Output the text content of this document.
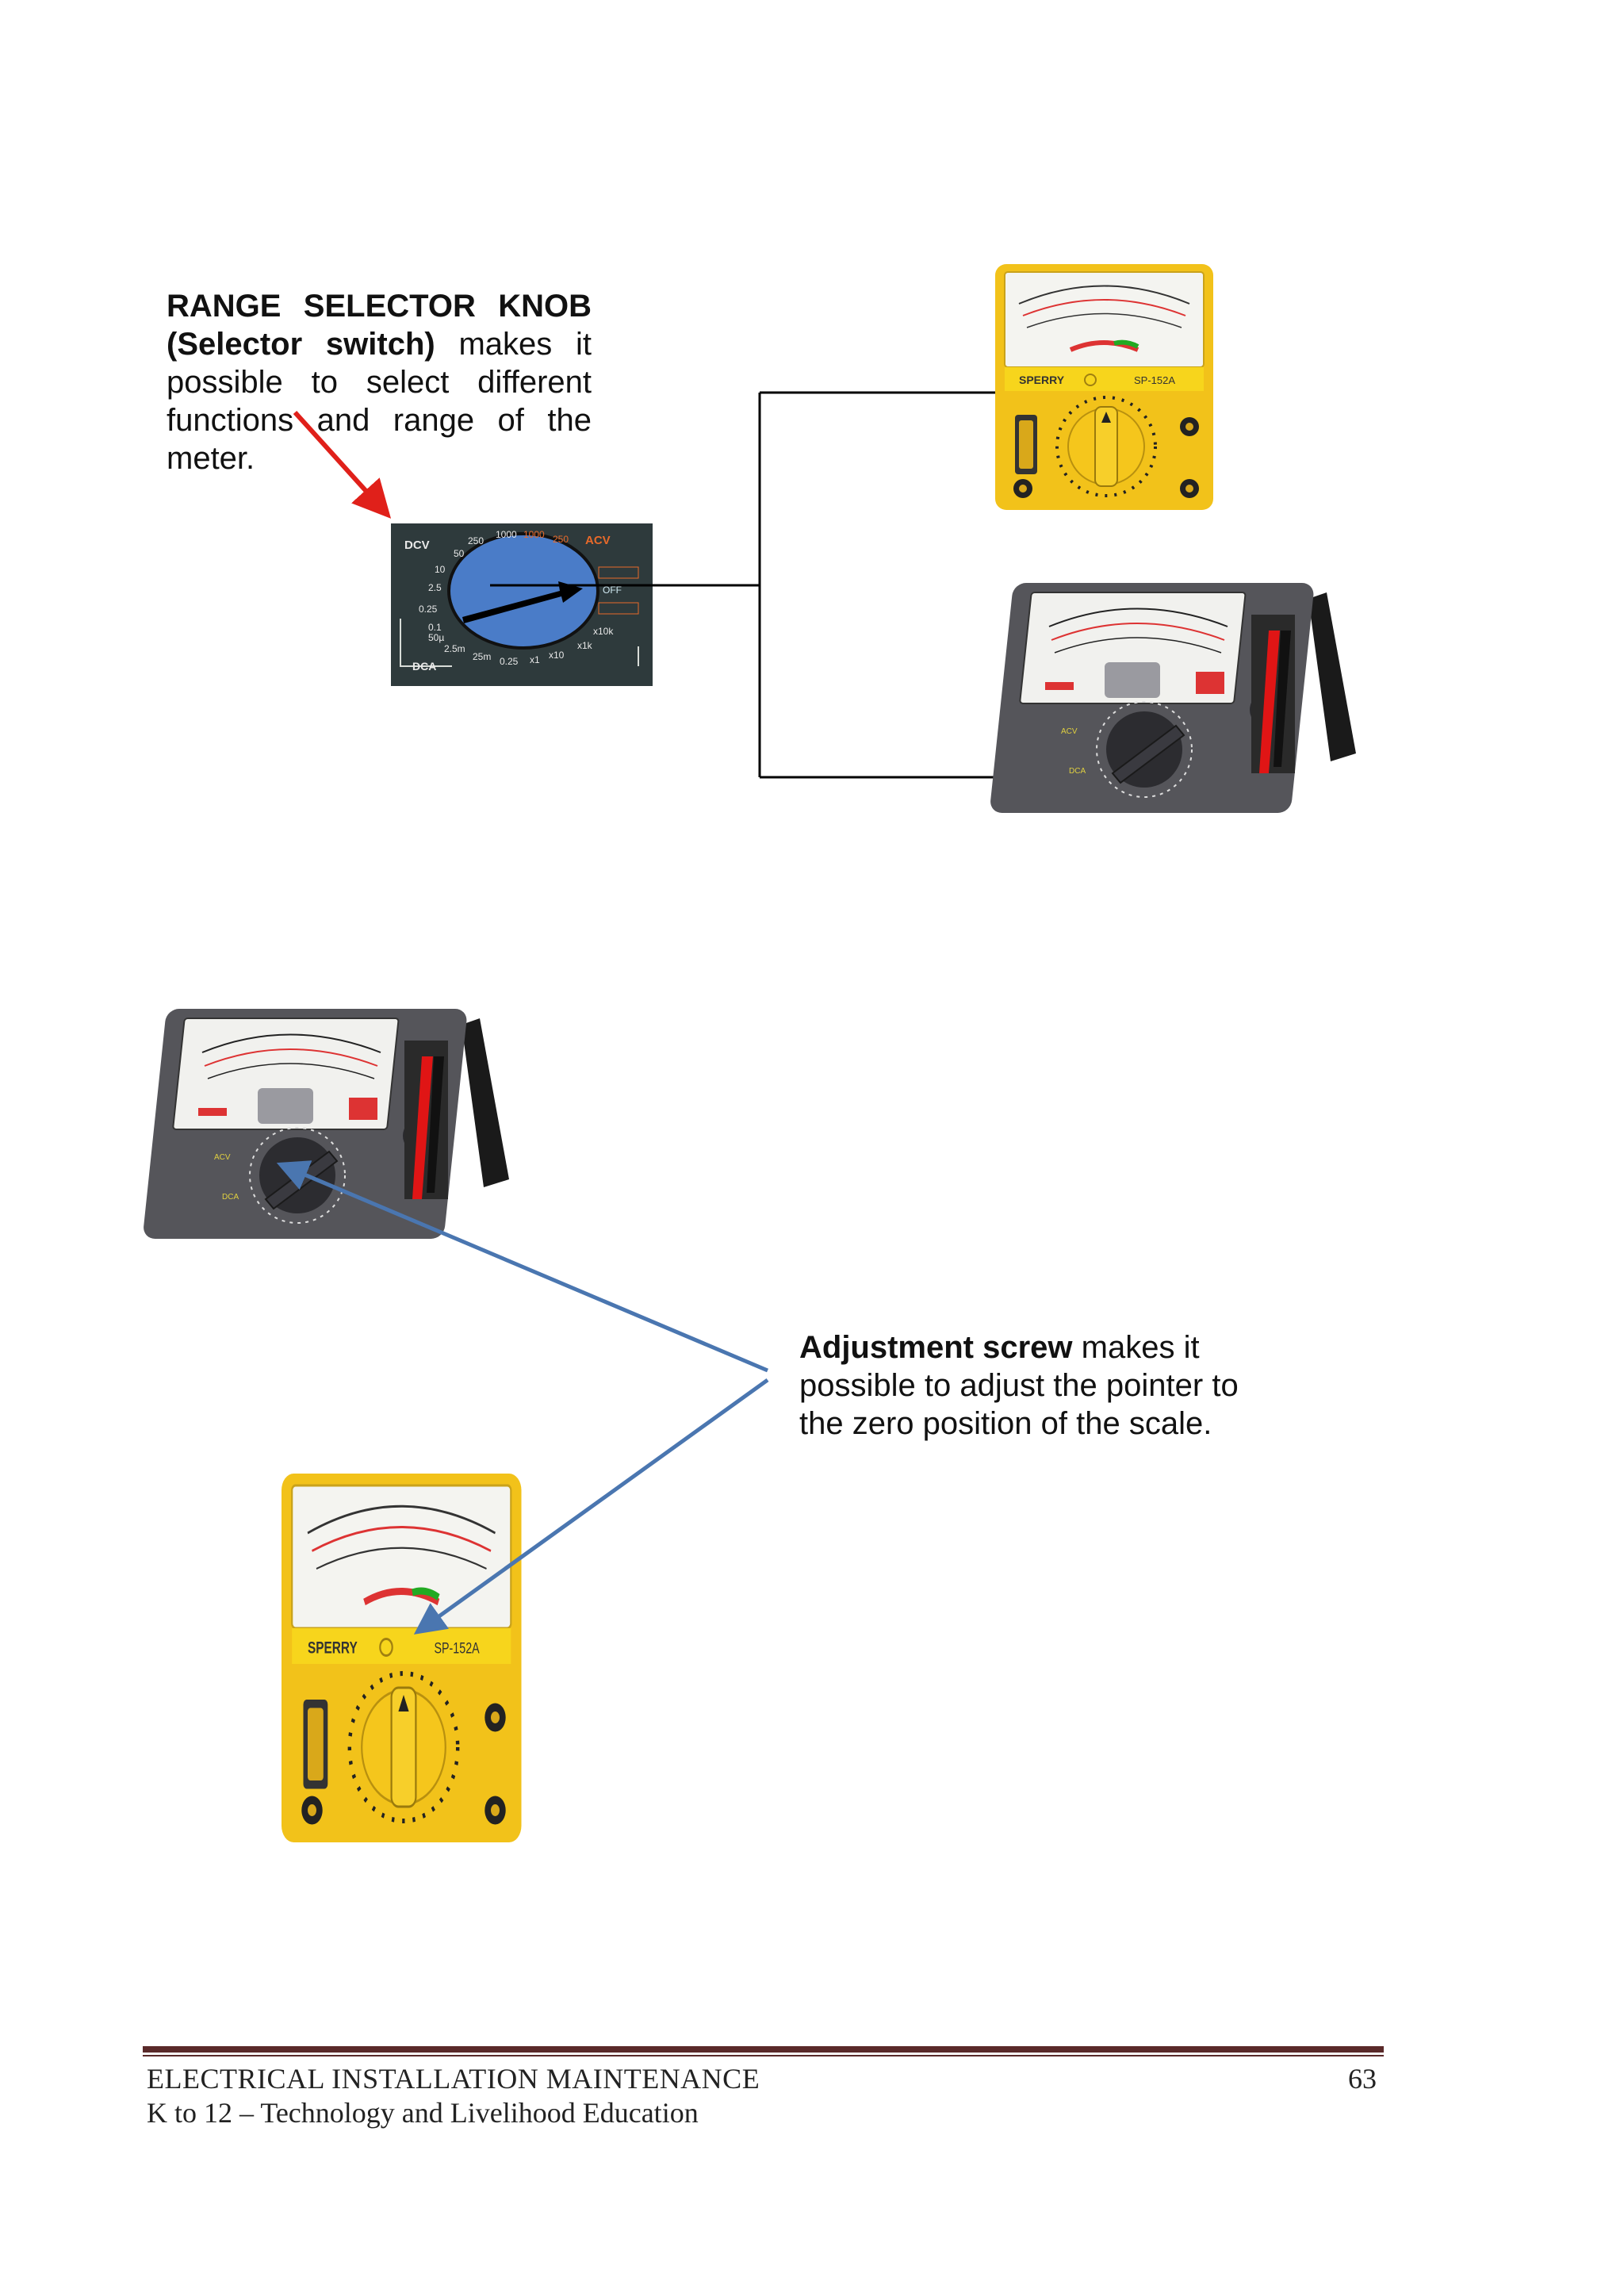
RANGE SELECTOR KNOB (Selector switch) makes it possible to select different functions and range of the meter.
Adjustment screw makes it possible to adjust the pointer to the zero position of the scale.
SPERRY	SP-152A
ACV
DCA
DCV	250
1000 1000 250 ACV
50
10
2.5
0.25
0.1
50µ
2.5m
25m 0.25 x1 x10
x1k
x10k
OFF
DCA
ELECTRICAL INSTALLATION MAINTENANCE
K to 12 – Technology and Livelihood Education
63
